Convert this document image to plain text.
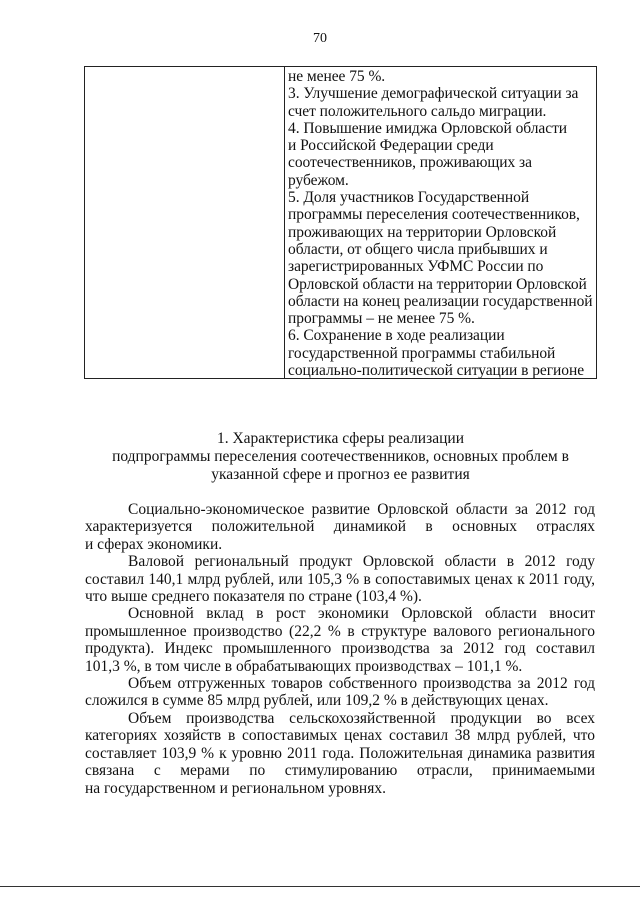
70
не менее 75 %.
3. Улучшение демографической ситуации за
счет положительного сальдо миграции.
4. Повышение имиджа Орловской области
и Российской Федерации среди
соотечественников, проживающих за
рубежом.
5. Доля участников Государственной
программы переселения соотечественников,
проживающих на территории Орловской
области, от общего числа прибывших и
зарегистрированных УФМС России по
Орловской области на территории Орловской
области на конец реализации государственной
программы – не менее 75 %.
6. Сохранение в ходе реализации
государственной программы стабильной
социально-политической ситуации в регионе
1. Характеристика сферы реализации
подпрограммы переселения соотечественников, основных проблем в
указанной сфере и прогноз ее развития
Социально-экономическое развитие Орловской области за 2012 год
характеризуется положительной динамикой в основных отраслях
и сферах экономики.
Валовой региональный продукт Орловской области в 2012 году
составил 140,1 млрд рублей, или 105,3 % в сопоставимых ценах к 2011 году,
что выше среднего показателя по стране (103,4 %).
Основной вклад в рост экономики Орловской области вносит
промышленное производство (22,2 % в структуре валового регионального
продукта). Индекс промышленного производства за 2012 год составил
101,3 %, в том числе в обрабатывающих производствах – 101,1 %.
Объем отгруженных товаров собственного производства за 2012 год
сложился в сумме 85 млрд рублей, или 109,2 % в действующих ценах.
Объем производства сельскохозяйственной продукции во всех
категориях хозяйств в сопоставимых ценах составил 38 млрд рублей, что
составляет 103,9 % к уровню 2011 года. Положительная динамика развития
связана с мерами по стимулированию отрасли, принимаемыми
на государственном и региональном уровнях.
